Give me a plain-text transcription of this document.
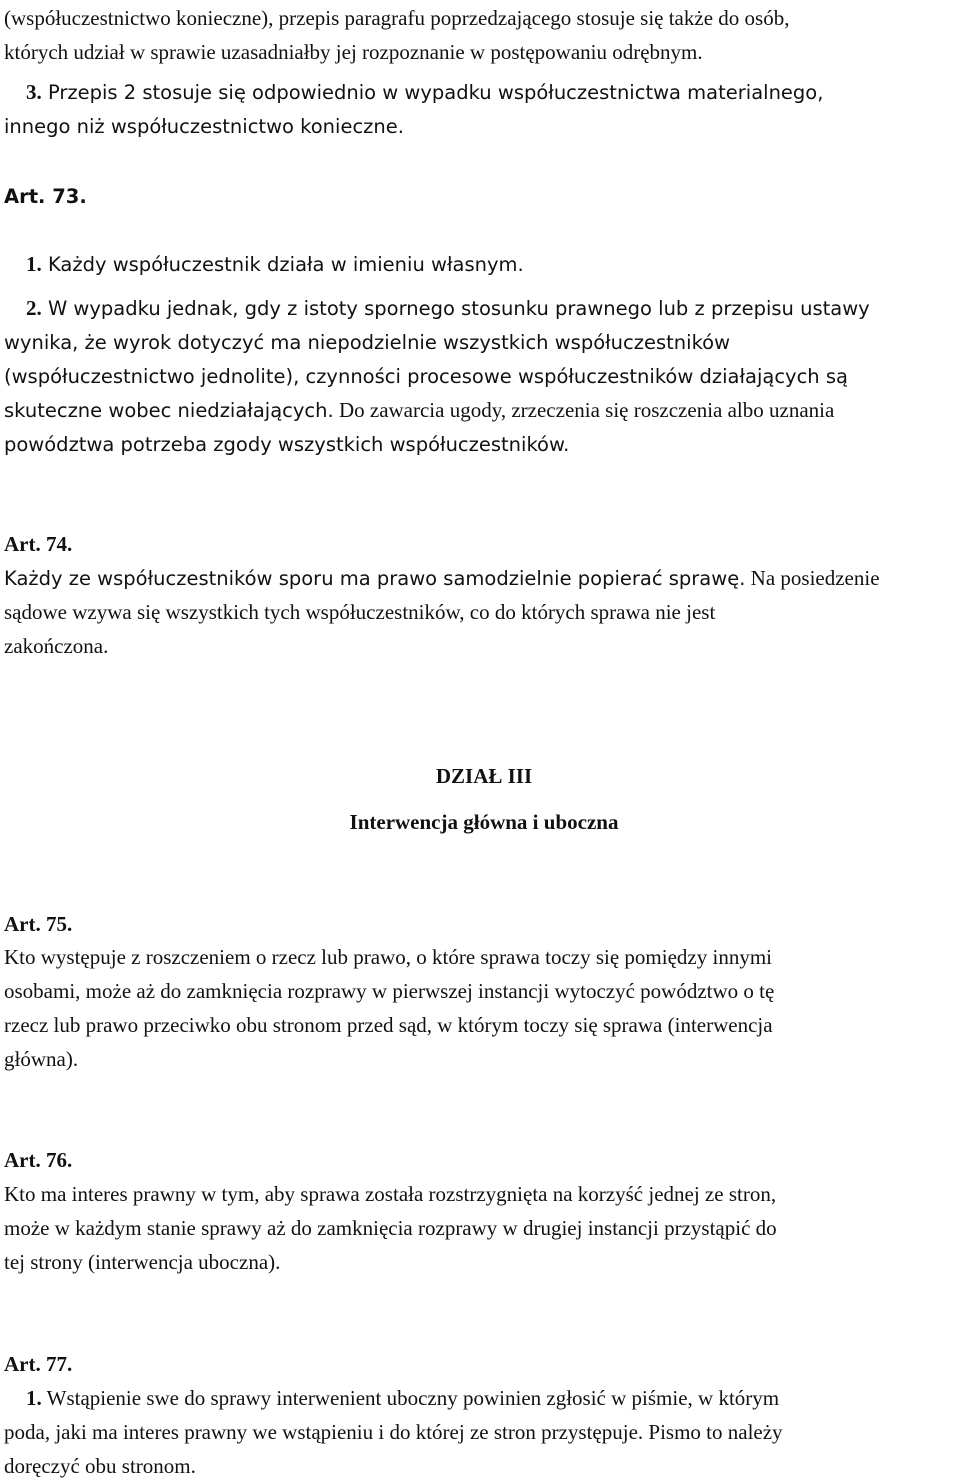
(współuczestnictwo konieczne), przepis paragrafu poprzedzającego stosuje się także do osób,
których udział w sprawie uzasadniałby jej rozpoznanie w postępowaniu odrębnym.
3. Przepis 2 stosuje się odpowiednio w wypadku współuczestnictwa materialnego,
innego niż współuczestnictwo konieczne.
Art. 73.
1. Każdy współuczestnik działa w imieniu własnym.
2. W wypadku jednak, gdy z istoty spornego stosunku prawnego lub z przepisu ustawy
wynika, że wyrok dotyczyć ma niepodzielnie wszystkich współuczestników
(współuczestnictwo jednolite), czynności procesowe współuczestników działających są
skuteczne wobec niedziałających. Do zawarcia ugody, zrzeczenia się roszczenia albo uznania
powództwa potrzeba zgody wszystkich współuczestników.
Art. 74.
Każdy ze współuczestników sporu ma prawo samodzielnie popierać sprawę. Na posiedzenie
sądowe wzywa się wszystkich tych współuczestników, co do których sprawa nie jest
zakończona.
DZIAŁ III
Interwencja główna i uboczna
Art. 75.
Kto występuje z roszczeniem o rzecz lub prawo, o które sprawa toczy się pomiędzy innymi
osobami, może aż do zamknięcia rozprawy w pierwszej instancji wytoczyć powództwo o tę
rzecz lub prawo przeciwko obu stronom przed sąd, w którym toczy się sprawa (interwencja
główna).
Art. 76.
Kto ma interes prawny w tym, aby sprawa została rozstrzygnięta na korzyść jednej ze stron,
może w każdym stanie sprawy aż do zamknięcia rozprawy w drugiej instancji przystąpić do
tej strony (interwencja uboczna).
Art. 77.
1. Wstąpienie swe do sprawy interwenient uboczny powinien zgłosić w piśmie, w którym
poda, jaki ma interes prawny we wstąpieniu i do której ze stron przystępuje. Pismo to należy
doręczyć obu stronom.
